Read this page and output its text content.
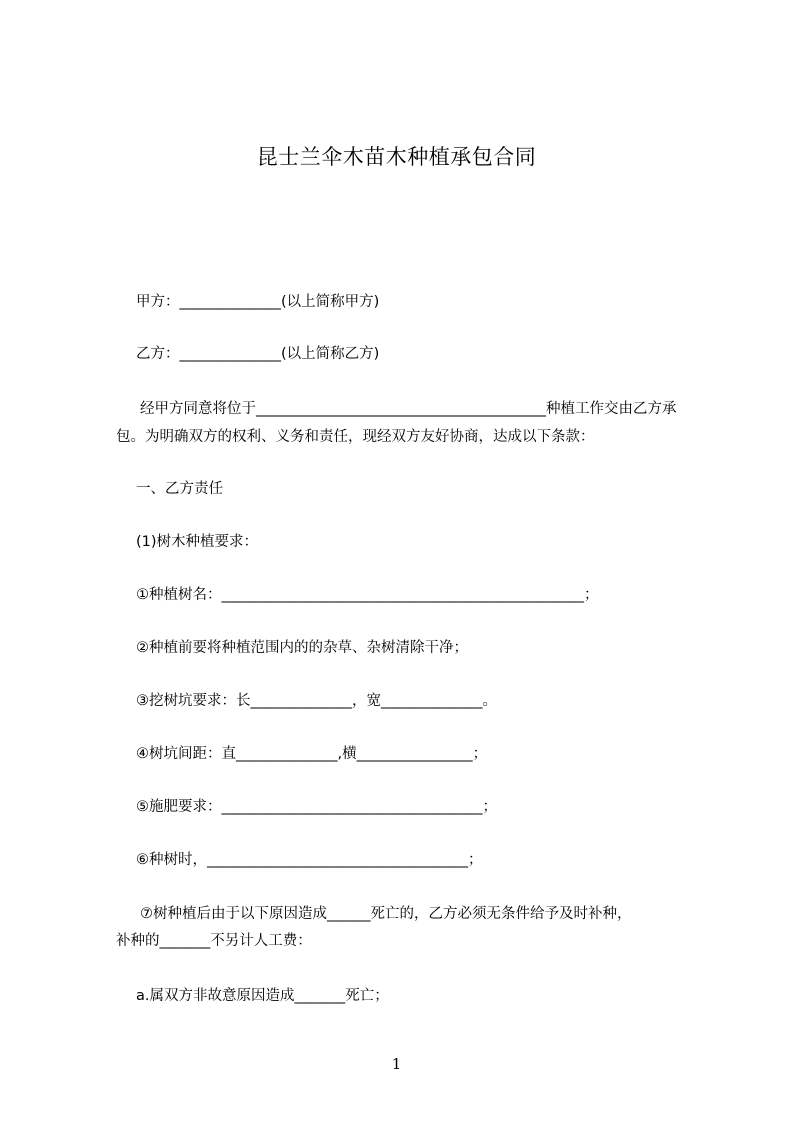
昆士兰伞木苗木种植承包合同
甲方：______________(以上简称甲方)
乙方：______________(以上简称乙方)
经甲方同意将位于________________________________________种植工作交由乙方承
包。为明确双方的权利、义务和责任，现经双方友好协商，达成以下条款：
一、乙方责任
(1)树木种植要求：
①种植树名：__________________________________________________；
②种植前要将种植范围内的的杂草、杂树清除干净；
③挖树坑要求：长______________，宽______________。
④树坑间距：直______________,横________________；
⑤施肥要求：____________________________________；
⑥种树时，____________________________________；
⑦树种植后由于以下原因造成______死亡的，乙方必须无条件给予及时补种，
补种的_______不另计人工费：
a.属双方非故意原因造成_______死亡；
1
